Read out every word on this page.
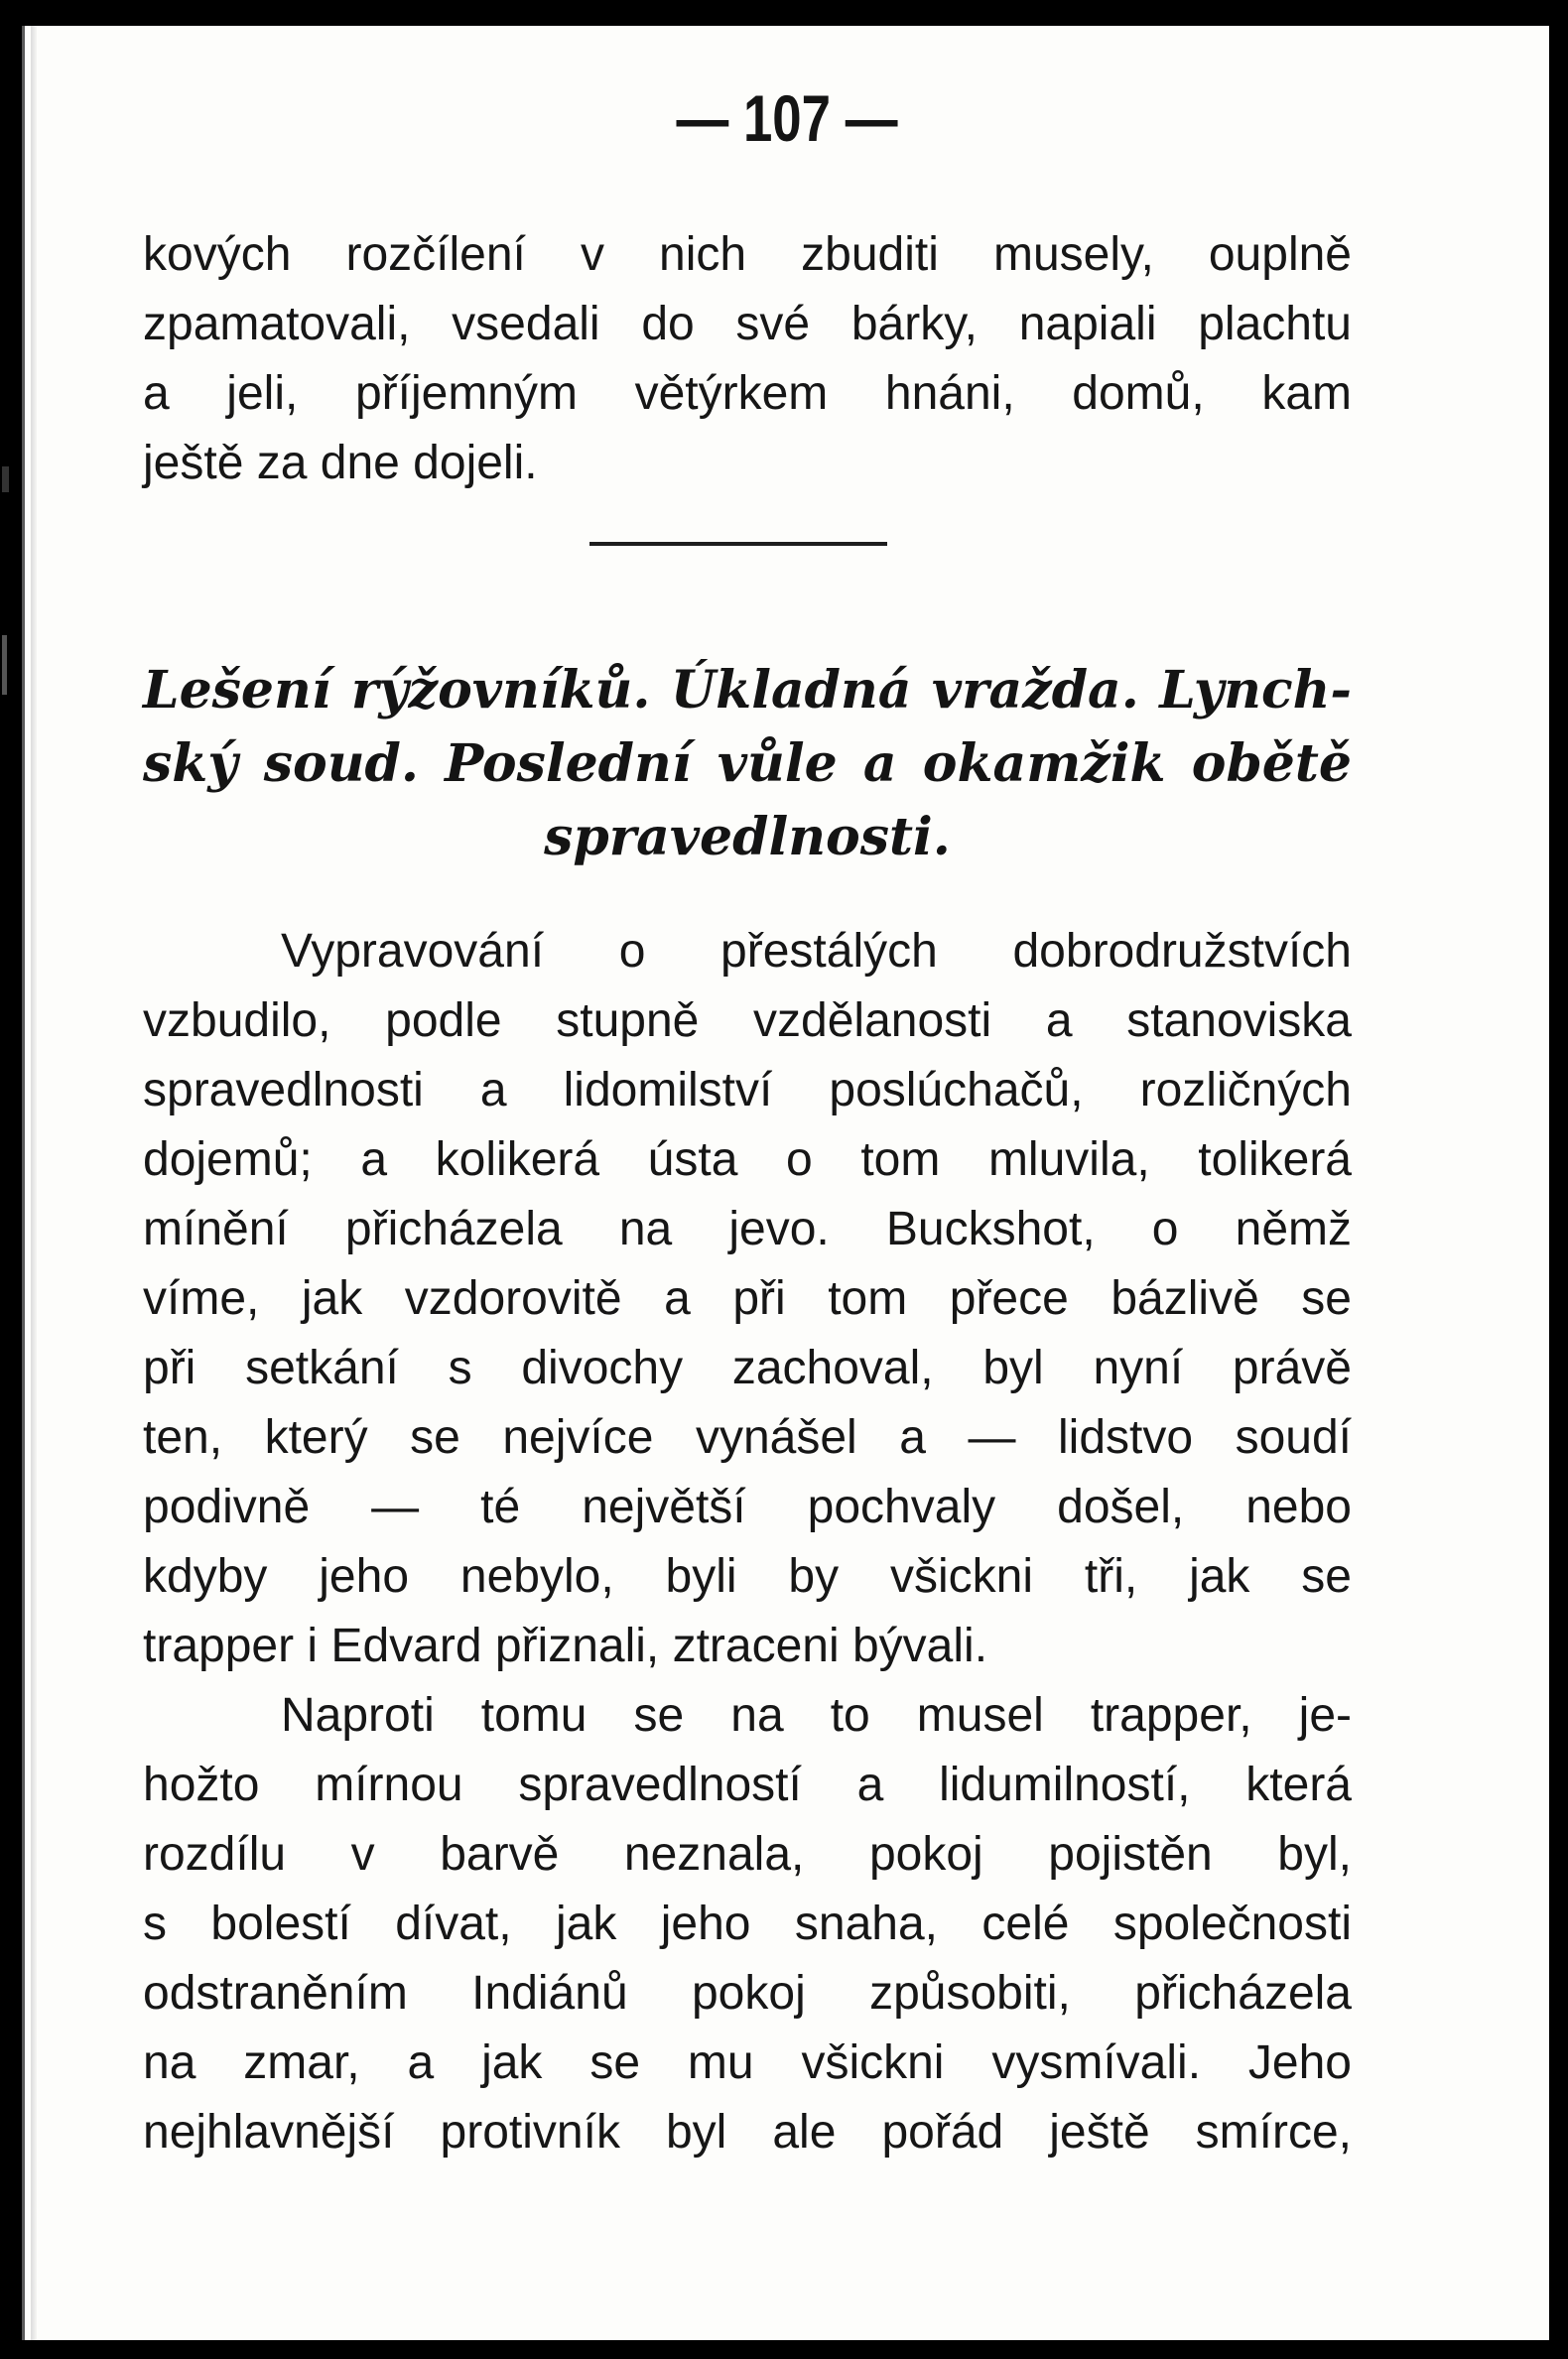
— 107 —
kových rozčílení v nich zbuditi musely, ouplně
zpamatovali, vsedali do své bárky, napiali plachtu
a jeli, příjemným větýrkem hnáni, domů, kam
ještě za dne dojeli.
Lešení rýžovníků. Úkladná vražda. Lynch-
ský soud. Poslední vůle a okamžik obětě
spravedlnosti.
Vypravování o přestálých dobrodružstvích
vzbudilo, podle stupně vzdělanosti a stanoviska
spravedlnosti a lidomilství poslúchačů, rozličných
dojemů; a kolikerá ústa o tom mluvila, tolikerá
mínění přicházela na jevo. Buckshot, o němž
víme, jak vzdorovitě a při tom přece bázlivě se
při setkání s divochy zachoval, byl nyní právě
ten, který se nejvíce vynášel a — lidstvo soudí
podivně — té největší pochvaly došel, nebo
kdyby jeho nebylo, byli by všickni tři, jak se
trapper i Edvard přiznali, ztraceni bývali.
Naproti tomu se na to musel trapper, je-
hožto mírnou spravedlností a lidumilností, která
rozdílu v barvě neznala, pokoj pojistěn byl,
s bolestí dívat, jak jeho snaha, celé společnosti
odstraněním Indiánů pokoj způsobiti, přicházela
na zmar, a jak se mu všickni vysmívali. Jeho
nejhlavnější protivník byl ale pořád ještě smírce,
